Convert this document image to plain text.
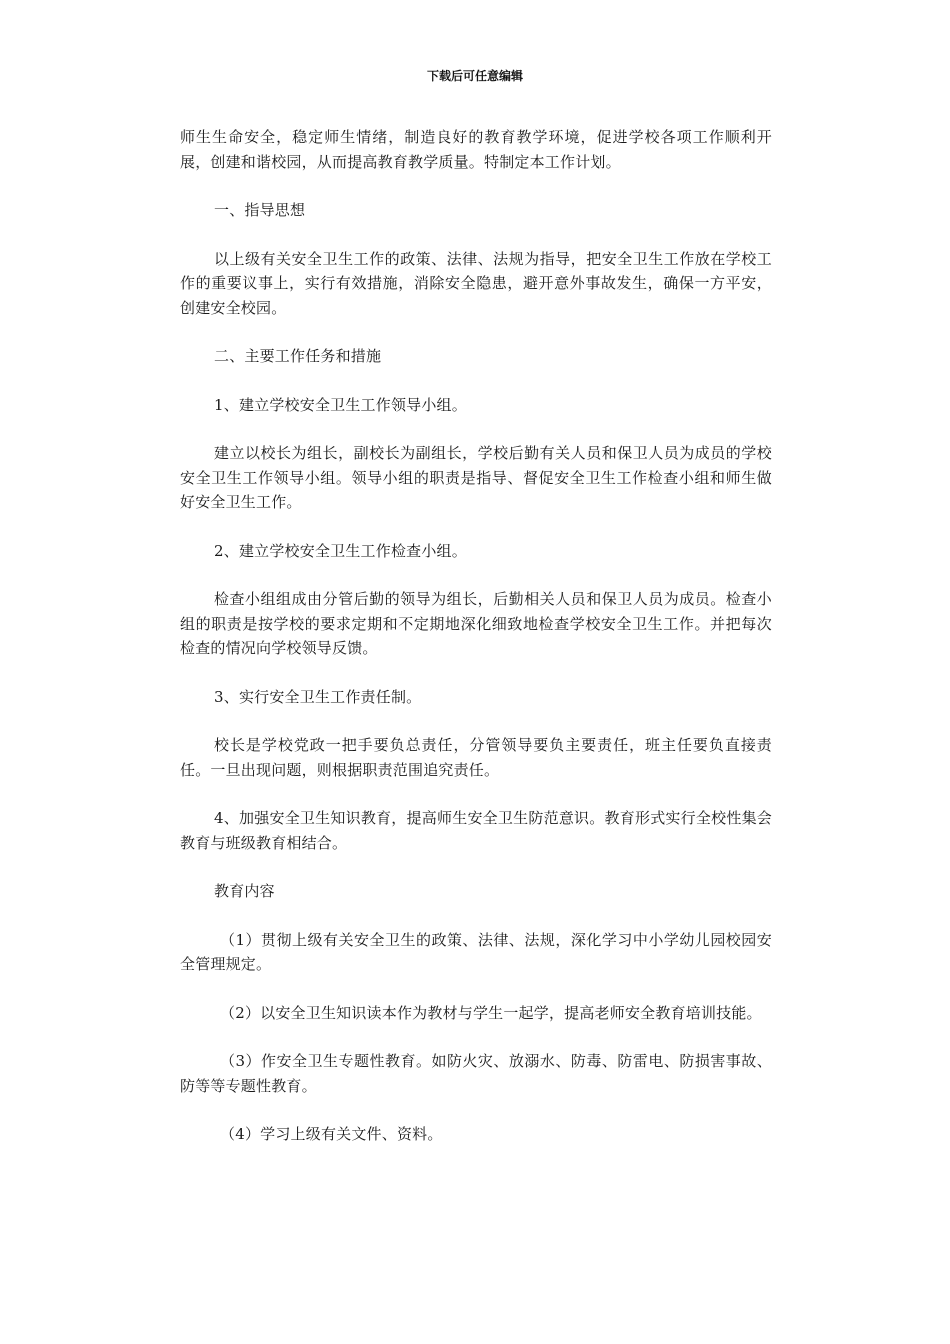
下载后可任意编辑

师生生命安全，稳定师生情绪，制造良好的教育教学环境，促进学校各项工作顺利开展，创建和谐校园，从而提高教育教学质量。特制定本工作计划。

一、指导思想

以上级有关安全卫生工作的政策、法律、法规为指导，把安全卫生工作放在学校工作的重要议事上，实行有效措施，消除安全隐患，避开意外事故发生，确保一方平安，创建安全校园。

二、主要工作任务和措施

1、建立学校安全卫生工作领导小组。

建立以校长为组长，副校长为副组长，学校后勤有关人员和保卫人员为成员的学校安全卫生工作领导小组。领导小组的职责是指导、督促安全卫生工作检查小组和师生做好安全卫生工作。

2、建立学校安全卫生工作检查小组。

检查小组组成由分管后勤的领导为组长，后勤相关人员和保卫人员为成员。检查小组的职责是按学校的要求定期和不定期地深化细致地检查学校安全卫生工作。并把每次检查的情况向学校领导反馈。

3、实行安全卫生工作责任制。

校长是学校党政一把手要负总责任，分管领导要负主要责任，班主任要负直接责任。一旦出现问题，则根据职责范围追究责任。

4、加强安全卫生知识教育，提高师生安全卫生防范意识。教育形式实行全校性集会教育与班级教育相结合。

教育内容

（1）贯彻上级有关安全卫生的政策、法律、法规，深化学习中小学幼儿园校园安全管理规定。

（2）以安全卫生知识读本作为教材与学生一起学，提高老师安全教育培训技能。

（3）作安全卫生专题性教育。如防火灾、放溺水、防毒、防雷电、防损害事故、防等等专题性教育。

（4）学习上级有关文件、资料。
